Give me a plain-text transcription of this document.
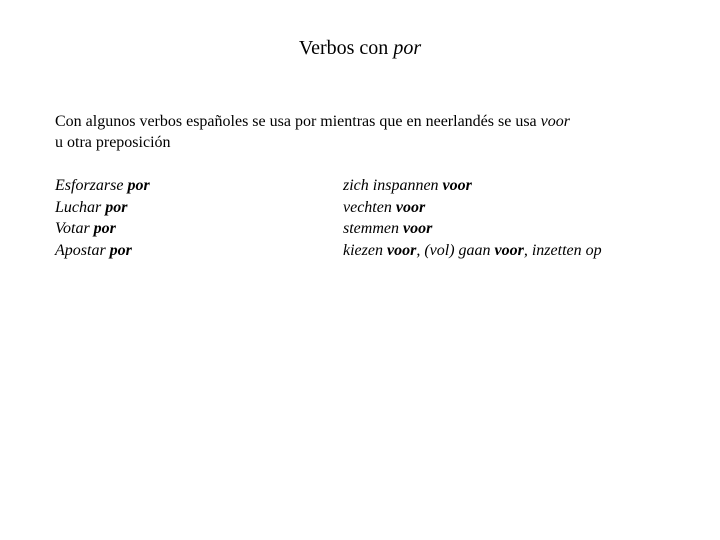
Verbos con por
Con algunos verbos españoles se usa por mientras que en neerlandés se usa voor
u otra preposición
Esforzarse por
Luchar por
Votar por
Apostar por
zich inspannen voor
vechten voor
stemmen voor
kiezen voor, (vol) gaan voor, inzetten op
